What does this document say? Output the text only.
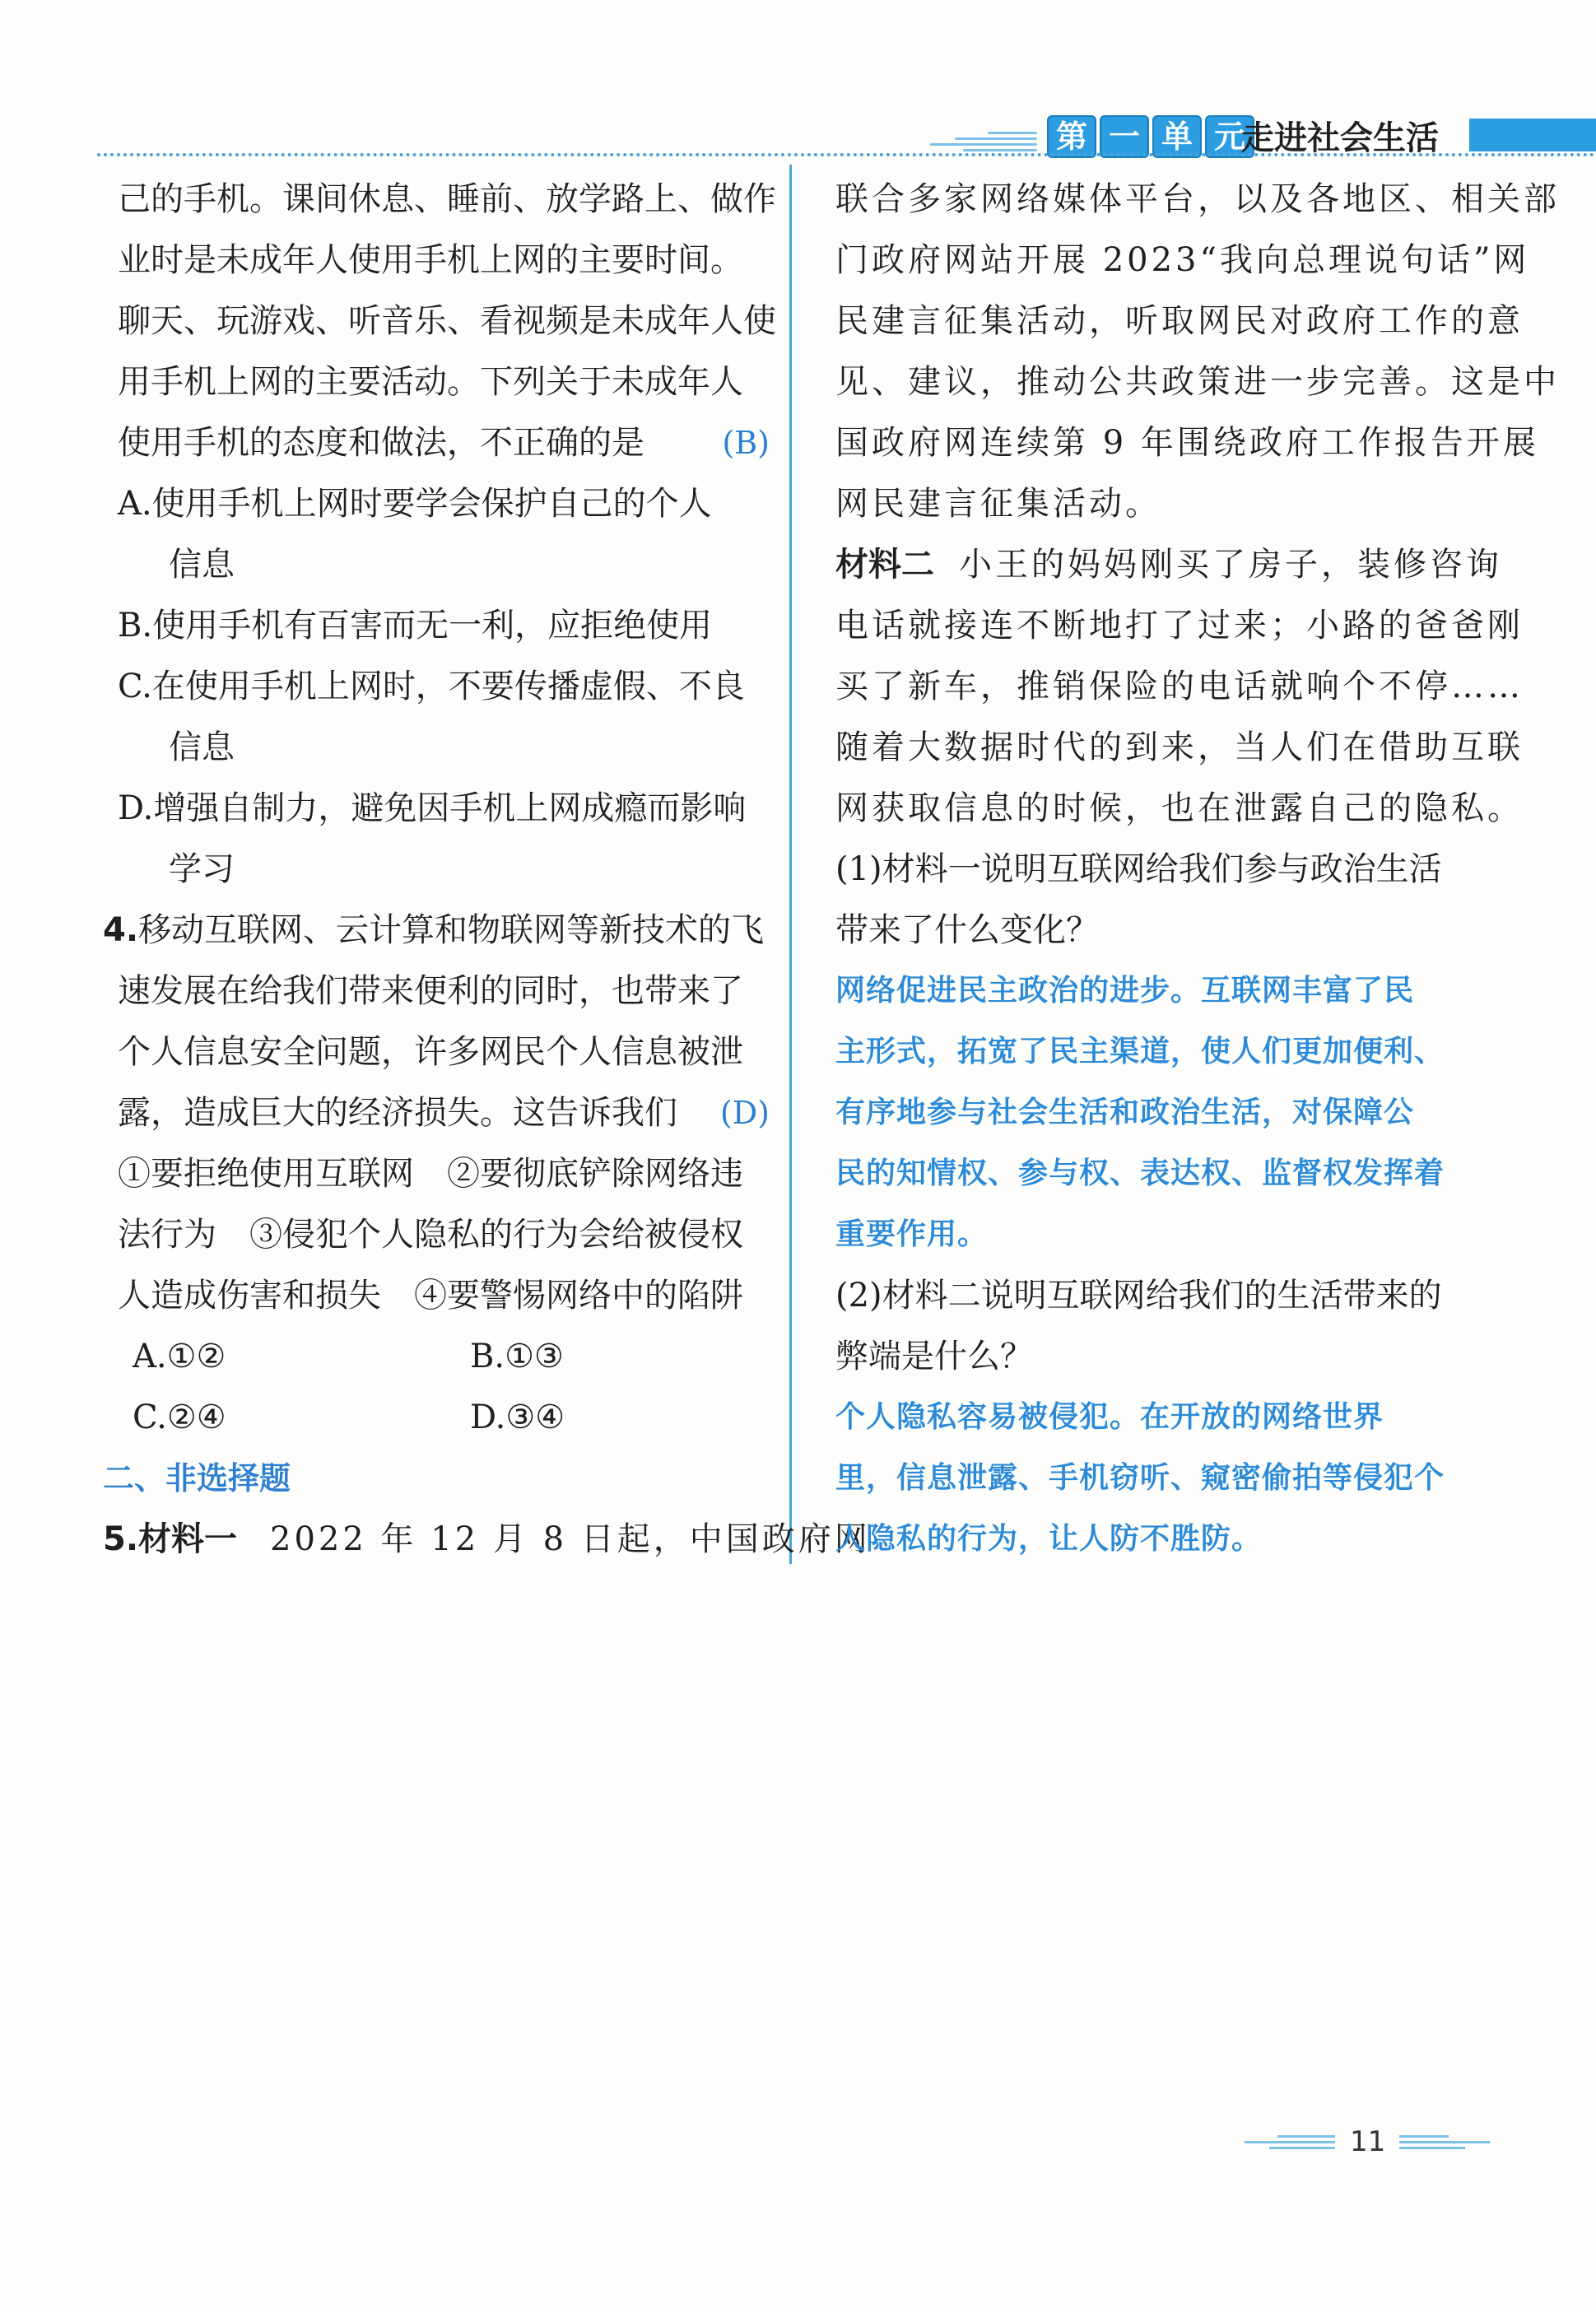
第 一 单 元
走进社会生活
己的手机。课间休息、睡前、放学路上、做作
业时是未成年人使用手机上网的主要时间。
聊天、玩游戏、听音乐、看视频是未成年人使
用手机上网的主要活动。下列关于未成年人
使用手机的态度和做法，不正确的是 (B)
A.使用手机上网时要学会保护自己的个人
信息
B.使用手机有百害而无一利，应拒绝使用
C.在使用手机上网时，不要传播虚假、不良
信息
D.增强自制力，避免因手机上网成瘾而影响
学习
4.移动互联网、云计算和物联网等新技术的飞
速发展在给我们带来便利的同时，也带来了
个人信息安全问题，许多网民个人信息被泄
露，造成巨大的经济损失。这告诉我们 (D)
①要拒绝使用互联网　②要彻底铲除网络违
法行为　③侵犯个人隐私的行为会给被侵权
人造成伤害和损失　④要警惕网络中的陷阱
A.①②	B.①③
C.②④	D.③④
二、非选择题
5.材料一 2022 年 12 月 8 日起，中国政府网
联合多家网络媒体平台，以及各地区、相关部
门政府网站开展 2023“我向总理说句话”网
民建言征集活动，听取网民对政府工作的意
见、建议，推动公共政策进一步完善。这是中
国政府网连续第 9 年围绕政府工作报告开展
网民建言征集活动。
材料二 小王的妈妈刚买了房子，装修咨询
电话就接连不断地打了过来；小路的爸爸刚
买了新车，推销保险的电话就响个不停……
随着大数据时代的到来，当人们在借助互联
网获取信息的时候，也在泄露自己的隐私。
(1)材料一说明互联网给我们参与政治生活
带来了什么变化？
网络促进民主政治的进步。互联网丰富了民
主形式，拓宽了民主渠道，使人们更加便利、
有序地参与社会生活和政治生活，对保障公
民的知情权、参与权、表达权、监督权发挥着
重要作用。
(2)材料二说明互联网给我们的生活带来的
弊端是什么？
个人隐私容易被侵犯。在开放的网络世界
里，信息泄露、手机窃听、窥密偷拍等侵犯个
人隐私的行为，让人防不胜防。
11
